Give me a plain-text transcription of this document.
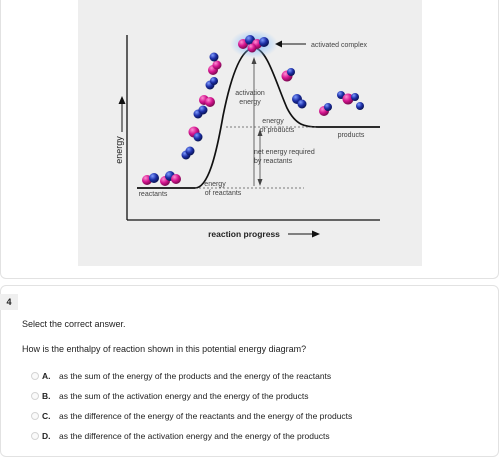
energy
reaction progress
activated complex
activation
energy
energy
of products
products
net energy required
by reactants
energy
of reactants
reactants
4
Select the correct answer.
How is the enthalpy of reaction shown in this potential energy diagram?
A.	as the sum of the energy of the products and the energy of the reactants
B.	as the sum of the activation energy and the energy of the products
C.	as the difference of the energy of the reactants and the energy of the products
D.	as the difference of the activation energy and the energy of the products
